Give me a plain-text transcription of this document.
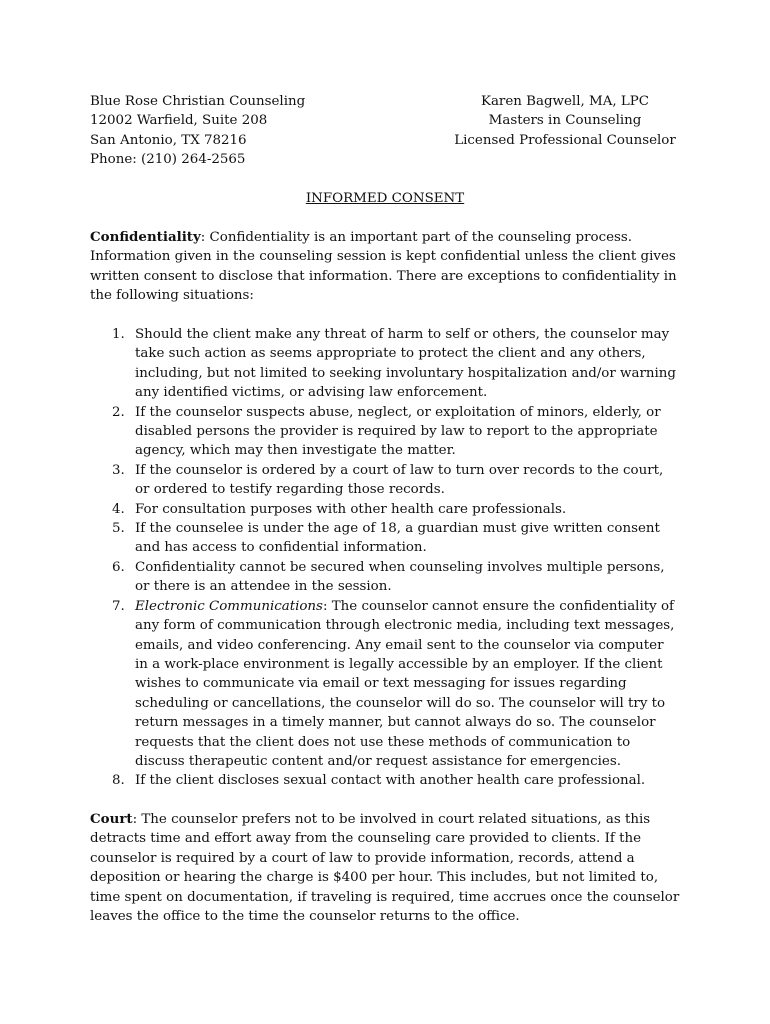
Blue Rose Christian Counseling
12002 Warfield, Suite 208
San Antonio, TX 78216
Phone: (210) 264-2565
Karen Bagwell, MA, LPC
Masters in Counseling
Licensed Professional Counselor
INFORMED CONSENT
Confidentiality: Confidentiality is an important part of the counseling process. Information given in the counseling session is kept confidential unless the client gives written consent to disclose that information. There are exceptions to confidentiality in the following situations:
1. Should the client make any threat of harm to self or others, the counselor may take such action as seems appropriate to protect the client and any others, including, but not limited to seeking involuntary hospitalization and/or warning any identified victims, or advising law enforcement.
2. If the counselor suspects abuse, neglect, or exploitation of minors, elderly, or disabled persons the provider is required by law to report to the appropriate agency, which may then investigate the matter.
3. If the counselor is ordered by a court of law to turn over records to the court, or ordered to testify regarding those records.
4. For consultation purposes with other health care professionals.
5. If the counselee is under the age of 18, a guardian must give written consent and has access to confidential information.
6. Confidentiality cannot be secured when counseling involves multiple persons, or there is an attendee in the session.
7. Electronic Communications: The counselor cannot ensure the confidentiality of any form of communication through electronic media, including text messages, emails, and video conferencing. Any email sent to the counselor via computer in a work-place environment is legally accessible by an employer. If the client wishes to communicate via email or text messaging for issues regarding scheduling or cancellations, the counselor will do so. The counselor will try to return messages in a timely manner, but cannot always do so. The counselor requests that the client does not use these methods of communication to discuss therapeutic content and/or request assistance for emergencies.
8. If the client discloses sexual contact with another health care professional.
Court: The counselor prefers not to be involved in court related situations, as this detracts time and effort away from the counseling care provided to clients. If the counselor is required by a court of law to provide information, records, attend a deposition or hearing the charge is $400 per hour. This includes, but not limited to, time spent on documentation, if traveling is required, time accrues once the counselor leaves the office to the time the counselor returns to the office.
